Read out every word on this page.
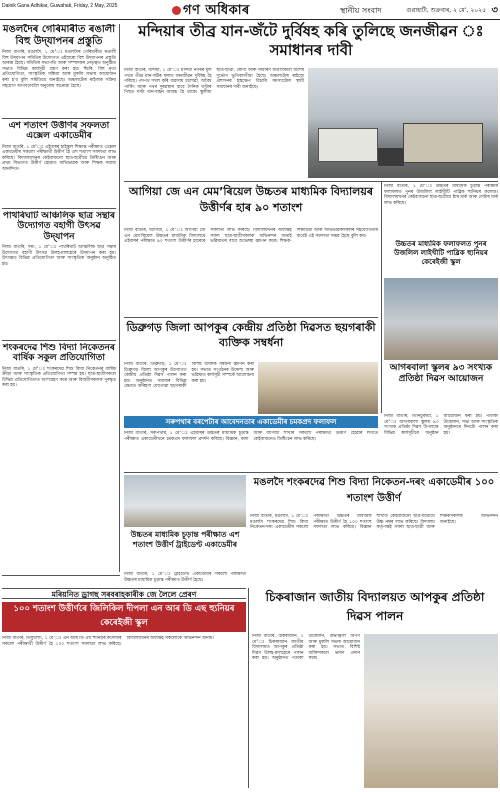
Dainik Gana Adhikar, Guwahati, Friday, 2 May, 2025	গণ অধিকাৰ	স্থানীয় সংবাদ	গুৱাহাটী, শুক্ৰবাৰ, ২ মে’, ২০২৫ ৩
মঙলদৈৰ গেৰিমাৰীত ৰঙালী বিহু উদ্‌যাপনৰ প্ৰস্তুতি
নিজা বাতৰি, মঙলদৈ, ১ মে’ঃ মঙলদৈৰ গেৰিমাৰীত ৰঙালী বিহু উদ্‌যাপন সমিতিৰ উদ্যোগত এইবাৰো বিহু উদ্‌যাপনৰ প্ৰস্তুতি আৰম্ভ হৈছে। সমিতিৰ সভাপতি আৰু সম্পাদকৰ নেতৃত্বত অনুষ্ঠিত সভাত বিভিন্ন কাৰ্যসূচী গ্ৰহণ কৰা হয়। হুঁচৰি, বিহু নৃত্য প্ৰতিযোগিতা, সাংস্কৃতিক সন্ধিয়া আৰু মুকলি সভাৰ আয়োজন কৰা হ’ব বুলি সমিতিয়ে জনাইছে। অঞ্চলটোৰ ৰাইজক সক্ৰিয় সহযোগ আগবঢ়াবলৈ অনুৰোধ জনোৱা হৈছে।
এশ শতাংশ উত্তীৰ্ণৰ সফলতা এক্সেল একাডেমীৰ
নিজা বাতৰি, ১ মে’ঃ এইবাৰৰ হাইস্কুল শিক্ষান্ত পৰীক্ষাত এক্সেল একাডেমীৰ সকলো পৰীক্ষাৰ্থী উত্তীৰ্ণ হৈ এশ শতাংশ সফলতা লাভ কৰিছে। বিদ্যালয়খনৰ কেইবাজনো ছাত্ৰ-ছাত্ৰীয়ে ডিষ্টিংচন আৰু প্ৰথম বিভাগত উত্তীৰ্ণ হোৱাত অভিভাৱক আৰু শিক্ষক সমাজ আনন্দিত।
পাথৰিঘাট আঞ্চলিক ছাত্ৰ সন্থাৰ উদ্যোগত বহাগী উৎসৱ উদ্‌যাপন
নিজা বাতৰি, দৰং, ১ মে’ঃ পাথৰিঘাট আঞ্চলিক ছাত্ৰ সন্থাৰ উদ্যোগত বহাগী উৎসৱ উলহ-মালহেৰে উদ্‌যাপন কৰা হয়। উৎসৱত বিভিন্ন প্ৰতিযোগিতা আৰু সাংস্কৃতিক অনুষ্ঠান অনুষ্ঠিত হয়।
শংকৰদেৱ শিশু বিদ্যা নিকেতনৰ বাৰ্ষিক সকুল প্ৰতিযোগিতা
নিজা বাতৰি, ১ মে’ঃ শংকৰদেৱ শিশু বিদ্যা নিকেতনৰ বাৰ্ষিক ক্ৰীড়া আৰু সাংস্কৃতিক প্ৰতিযোগিতা সম্পন্ন হয়। ছাত্ৰ-ছাত্ৰীসকলে বিভিন্ন প্ৰতিযোগিতাত অংশগ্ৰহণ কৰে আৰু বিজয়ীসকলক পুৰস্কৃত কৰা হয়।
মন্দিয়াৰ তীব্ৰ যান-জঁটে দুৰ্বিষহ কৰি তুলিছে জনজীৱন ঃ সমাধানৰ দাবী
নিজা বাতৰি, মন্দিয়া, ১ মে’ঃ মন্দিয়া নগৰৰ মূল পথত তীব্ৰ যান-জঁটৰ ফলত জনজীৱন দুৰ্বিষহ হৈ পৰিছে। পদপথ দখল কৰি ব্যৱসায় চলোৱা, অবৈধ পাৰ্কিং আৰু পথৰ দুৰৱস্থাৰ বাবে দৈনিক ঘণ্টাৰ পিছত ঘণ্টা যান-বাহন আবদ্ধ হৈ থাকে। স্কুলীয়া ছাত্ৰ-ছাত্ৰী, ৰোগী আৰু সাধাৰণ যাত্ৰীসকলে অশেষ দুৰ্ভোগ ভুগিবলগীয়া হৈছে। অঞ্চলটোৰ ৰাইজে প্ৰশাসনৰ হস্তক্ষেপ বিচাৰি সমস্যাটোৰ স্থায়ী সমাধানৰ দাবী জনাইছে।
আগিয়া জে এন মেম’ৰিয়েল উচ্চতৰ মাধ্যমিক বিদ্যালয়ৰ উত্তীৰ্ণৰ হাৰ ৯০ শতাংশ
নিজা বাতৰি, আগিয়া, ১ মে’ঃ আগিয়া জে এন মেম’ৰিয়েল উচ্চতৰ মাধ্যমিক বিদ্যালয়ে এইবাৰৰ পৰীক্ষাত ৯০ শতাংশ উত্তীৰ্ণৰ হাৰেৰে সফলতা লাভ কৰিছে। বিদ্যালয়খনৰ অধ্যক্ষই সফল ছাত্ৰ-ছাত্ৰীসকলক অভিনন্দন জনাই ভৱিষ্যতৰ বাবে শুভেচ্ছা জ্ঞাপন কৰে। শিক্ষক-শিক্ষয়িত্ৰী আৰু অভিভাৱকসকলৰ সহযোগিতাৰ বাবেই এই সফলতা সম্ভৱ হৈছে বুলি কয়।
নিজা বাতৰি, ১ মে’ঃ উচ্চতৰ মাধ্যমিক চূড়ান্ত পৰীক্ষাৰ ফলাফলত পুনৰ উজলিল লাইখীটি পাব্লিক হ্যুনিয়ৰ কলেজ। বিদ্যালয়খনৰ কেইবাজনো ছাত্ৰ-ছাত্ৰীয়ে ষ্টাৰ মাৰ্ক আৰু লেটাৰ মাৰ্ক লাভ কৰিছে।
উচ্চতৰ মাধ্যমিক ফলাফলত পুনৰ উজলিল লাইখীটি পাব্লিক হ্যুনিয়ৰ কেৰেইজী স্কুল
আগৰবালা স্কুলৰ ৯৩ সংখ্যক প্ৰতিষ্ঠা দিৱস আয়োজন
ডিব্ৰুগড় জিলা আপকুৰ কেন্দ্ৰীয় প্ৰতিষ্ঠা দিৱসত ছয়গৰাকী ব্যক্তিক সম্বৰ্ধনা
নিজা বাতৰি, ডিব্ৰুগড়, ১ মে’ঃ ডিব্ৰুগড় জিলা আপকুৰ উদ্যোগত কেন্দ্ৰীয় প্ৰতিষ্ঠা দিৱস পালন কৰা হয়। অনুষ্ঠানত সমাজৰ বিভিন্ন ক্ষেত্ৰত অৰিহণা যোগোৱা ছয়গৰাকী বিশিষ্ট ব্যক্তিক সম্বৰ্ধনা জ্ঞাপন কৰা হয়। সভাত সংগঠনৰ উদ্দেশ্য আৰু ভৱিষ্যত কাৰ্যসূচী সম্পৰ্কে আলোচনা কৰা হয়।
সৰুপথাৰ বৰপেটাৰ আবেদনতাৰ একাডেমীৰ চমকপ্ৰদ ফলাফল
নিজা বাতৰি, সৰুপথাৰ, ১ মে’ঃ এইবাৰৰ উচ্চতৰ মাধ্যমিক চূড়ান্ত পৰীক্ষাত একাডেমীখনে চমকপ্ৰদ ফলাফল প্ৰদৰ্শন কৰিছে। বিজ্ঞান, কলা আৰু বাণিজ্য শাখাৰ সকলো পৰীক্ষাৰ্থী উত্তীৰ্ণ হোৱাৰ লগতে কেইবাজনেও ডিষ্টিংচন লাভ কৰিছে।
নিজা বাতৰি, তিনিচুকীয়া, ১ মে’ঃ আগৰবালা স্কুলৰ ৯৩ সংখ্যক প্ৰতিষ্ঠা দিৱস উপলক্ষে বিভিন্ন কাৰ্যসূচীৰে অনুষ্ঠান আয়োজন কৰা হয়। পতাকা উত্তোলন, সভা আৰু সাংস্কৃতিক অনুষ্ঠানৰে দিনটো পালন কৰা হয়।
মঙলদৈ শংকৰদেৱ শিশু বিদ্যা নিকেতন-দৰং একাডেমীৰ ১০০ শতাংশ উত্তীৰ্ণ
উচ্চতৰ মাধ্যমিক চূড়ান্ত পৰীক্ষাত এশ শতাংশ উত্তীৰ্ণ ট্ৰাইডেণ্ট একাডেমীৰ
নিজা বাতৰি, ১ মে’ঃ ট্ৰাইডেণ্ট একাডেমীৰ সকলো পৰীক্ষাৰ্থী উচ্চতৰ মাধ্যমিক চূড়ান্ত পৰীক্ষাত উত্তীৰ্ণ হৈছে।
নিজা বাতৰি, মঙলদৈ, ১ মে’ঃ মঙলদৈ শংকৰদেৱ শিশু বিদ্যা নিকেতন-দৰং একাডেমীৰ সকলো পৰীক্ষাৰ্থী উচ্চতৰ মাধ্যমিক পৰীক্ষাত উত্তীৰ্ণ হৈ ১০০ শতাংশ সফলতা লাভ কৰিছে। বিজ্ঞান শাখাত কেইবাজনো ছাত্ৰ-ছাত্ৰীয়ে উচ্চ নম্বৰ লাভ কৰিছে। বিদ্যালয় কৰ্তৃপক্ষই সফল ছাত্ৰ-ছাত্ৰী আৰু শিক্ষকসকলক অভিনন্দন জনাইছে।
মৰিয়নিত ড্ৰাগছ সৰবৰাহকাৰীক জে লৈলে প্ৰেৰণ
১০০ শতাংশ উত্তীৰ্ণৰে জিলিকিল দীপলা এন আৰ ডি এছ হ্যুনিয়ৰ কেৰেইজী স্কুল
নিজা বাতৰি, ডিফুলোং, ১ মে’ঃ এন আৰ ডি এছ হ্যুনিয়ৰ কলেজৰ সকলো পৰীক্ষাৰ্থী উত্তীৰ্ণ হৈ ১০০ শতাংশ সফলতা লাভ কৰিছে। বিদ্যালয়খনৰ অধ্যক্ষই সকলোকে অভিনন্দন জনায়।
চিকৰাজান জাতীয় বিদ্যালয়ত আপকুৰ প্ৰতিষ্ঠা দিৱস পালন
নিজা বাতৰি, চিকৰাজান, ১ মে’ঃ চিকৰাজান জাতীয় বিদ্যালয়ত আপকুৰ প্ৰতিষ্ঠা দিৱস উলহ-মালহেৰে পালন কৰা হয়। অনুষ্ঠানত পতাকা উত্তোলন, শ্ৰদ্ধাঞ্জলি অৰ্পণ আৰু মুকলি সভাৰ আয়োজন কৰা হয়। সভাত বিশিষ্ট ব্যক্তিসকলে ভাষণ প্ৰদান কৰে।
